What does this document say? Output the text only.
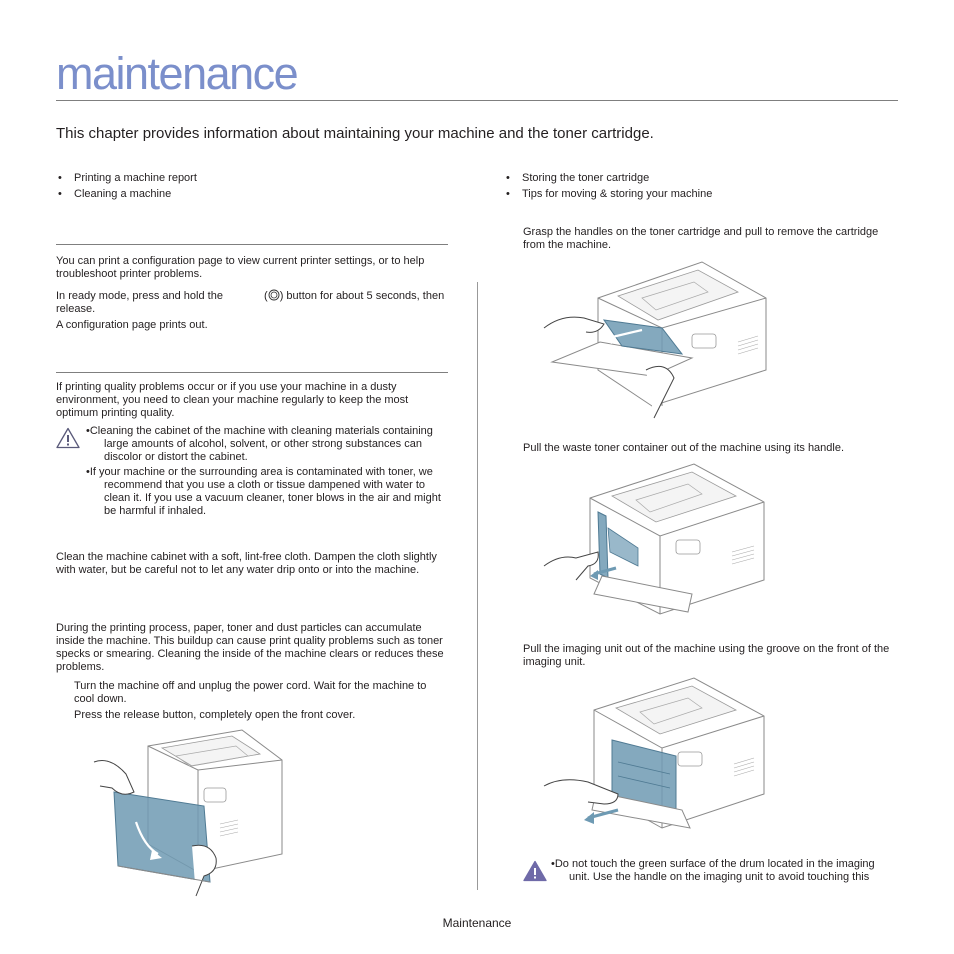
maintenance
This chapter provides information about maintaining your machine and the toner cartridge.
• Printing a machine report
• Cleaning a machine
• Storing the toner cartridge
• Tips for moving & storing your machine
You can print a configuration page to view current printer settings, or to help troubleshoot printer problems.
In ready mode, press and hold the	( ) button for about 5 seconds, then release.
A configuration page prints out.
If printing quality problems occur or if you use your machine in a dusty environment, you need to clean your machine regularly to keep the most optimum printing quality.
•Cleaning the cabinet of the machine with cleaning materials containing large amounts of alcohol, solvent, or other strong substances can discolor or distort the cabinet.
•If your machine or the surrounding area is contaminated with toner, we recommend that you use a cloth or tissue dampened with water to clean it. If you use a vacuum cleaner, toner blows in the air and might be harmful if inhaled.
Clean the machine cabinet with a soft, lint-free cloth. Dampen the cloth slightly with water, but be careful not to let any water drip onto or into the machine.
During the printing process, paper, toner and dust particles can accumulate inside the machine. This buildup can cause print quality problems such as toner specks or smearing. Cleaning the inside of the machine clears or reduces these problems.
Turn the machine off and unplug the power cord. Wait for the machine to cool down.
Press the release button, completely open the front cover.
Grasp the handles on the toner cartridge and pull to remove the cartridge from the machine.
Pull the waste toner container out of the machine using its handle.
Pull the imaging unit out of the machine using the groove on the front of the imaging unit.
•Do not touch the green surface of the drum located in the imaging unit. Use the handle on the imaging unit to avoid touching this
Maintenance
